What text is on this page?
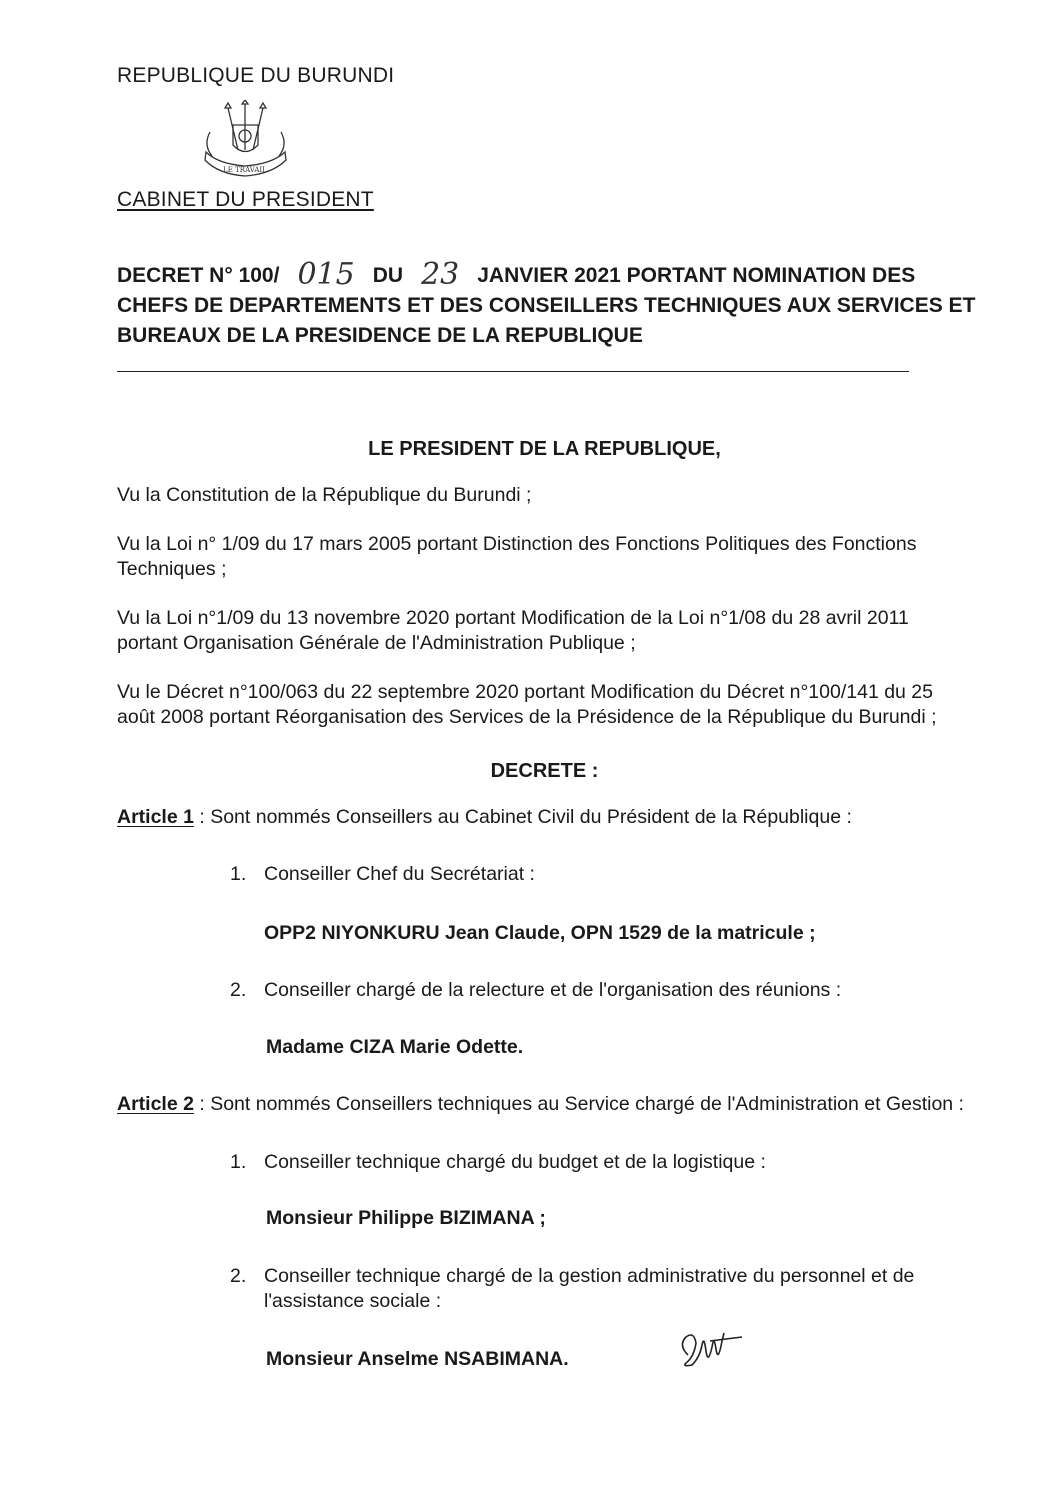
REPUBLIQUE DU BURUNDI
LE TRAVAIL
CABINET DU PRESIDENT
DECRET N° 100/ 015 DU 23 JANVIER 2021 PORTANT NOMINATION DES
CHEFS DE DEPARTEMENTS ET DES CONSEILLERS TECHNIQUES AUX SERVICES ET
BUREAUX DE LA PRESIDENCE DE LA REPUBLIQUE
LE PRESIDENT DE LA REPUBLIQUE,
Vu la Constitution de la République du Burundi ;
Vu la Loi n° 1/09 du 17 mars 2005 portant Distinction des Fonctions Politiques des Fonctions Techniques ;
Vu la Loi n°1/09 du 13 novembre 2020 portant Modification de la Loi n°1/08 du 28 avril 2011 portant Organisation Générale de l'Administration Publique ;
Vu le Décret n°100/063 du 22 septembre 2020 portant Modification du Décret n°100/141 du 25 août 2008 portant Réorganisation des Services de la Présidence de la République du Burundi ;
DECRETE :
Article 1 : Sont nommés Conseillers au Cabinet Civil du Président de la République :
1. Conseiller Chef du Secrétariat :
OPP2 NIYONKURU Jean Claude, OPN 1529 de la matricule ;
2. Conseiller chargé de la relecture et de l'organisation des réunions :
Madame CIZA Marie Odette.
Article 2 : Sont nommés Conseillers techniques au Service chargé de l'Administration et Gestion :
1. Conseiller technique chargé du budget et de la logistique :
Monsieur Philippe BIZIMANA ;
2. Conseiller technique chargé de la gestion administrative du personnel et de l'assistance sociale :
Monsieur Anselme NSABIMANA.
